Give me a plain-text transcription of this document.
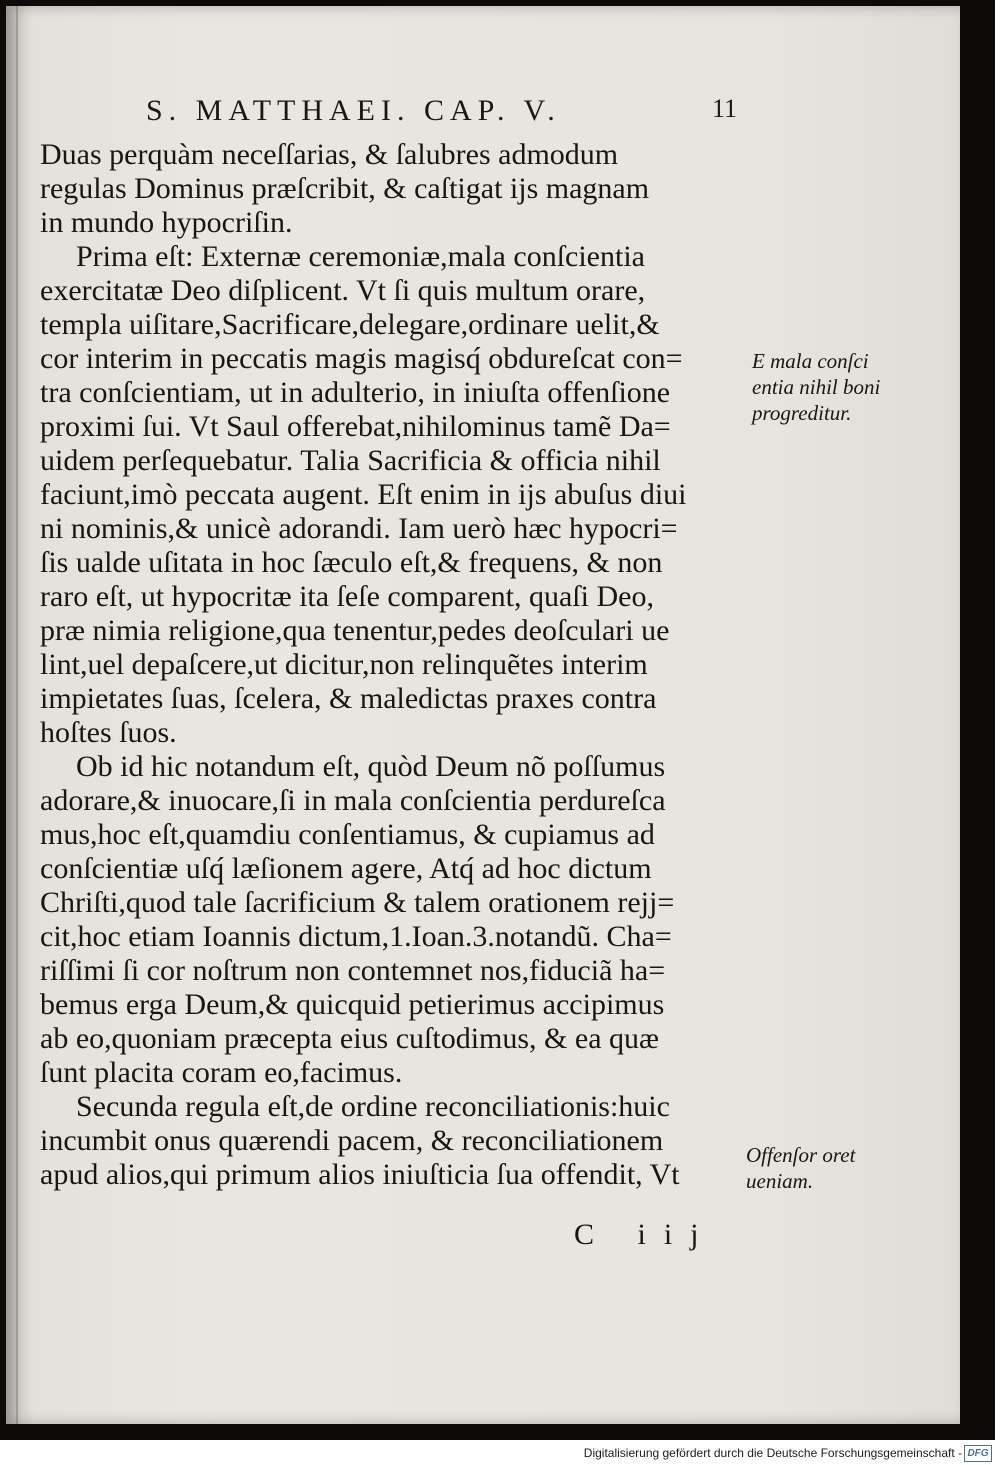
S. MATTHAEI. CAP. V.	11
Duas perquàm neceſſarias, & ſalubres admodum
regulas Dominus præſcribit, & caſtigat ijs magnam
in mundo hypocriſin.
Prima eſt: Externæ ceremoniæ,mala conſcientia
exercitatæ Deo diſplicent. Vt ſi quis multum orare,
templa uiſitare,Sacrificare,delegare,ordinare uelit,&
cor interim in peccatis magis magisq́ obdureſcat con=
tra conſcientiam, ut in adulterio, in iniuſta offenſione
proximi ſui. Vt Saul offerebat,nihilominus tamẽ Da=
uidem perſequebatur. Talia Sacrificia & officia nihil
faciunt,imò peccata augent. Eſt enim in ijs abuſus diui
ni nominis,& unicè adorandi. Iam uerò hæc hypocri=
ſis ualde uſitata in hoc ſæculo eſt,& frequens, & non
raro eſt, ut hypocritæ ita ſeſe comparent, quaſi Deo,
præ nimia religione,qua tenentur,pedes deoſculari ue
lint,uel depaſcere,ut dicitur,non relinquẽtes interim
impietates ſuas, ſcelera, & maledictas praxes contra
hoſtes ſuos.
Ob id hic notandum eſt, quòd Deum nõ poſſumus
adorare,& inuocare,ſi in mala conſcientia perdureſca
mus,hoc eſt,quamdiu conſentiamus, & cupiamus ad
conſcientiæ uſq́ læſionem agere, Atq́ ad hoc dictum
Chriſti,quod tale ſacrificium & talem orationem rejj=
cit,hoc etiam Ioannis dictum,1.Ioan.3.notandũ. Cha=
riſſimi ſi cor noſtrum non contemnet nos,fiduciã ha=
bemus erga Deum,& quicquid petierimus accipimus
ab eo,quoniam præcepta eius cuſtodimus, & ea quæ
ſunt placita coram eo,facimus.
Secunda regula eſt,de ordine reconciliationis:huic
incumbit onus quærendi pacem, & reconciliationem
apud alios,qui primum alios iniuſticia ſua offendit, Vt
E mala conſci
entia nihil boni
progreditur.
Offenſor oret
ueniam.
C iij
Digitalisierung gefördert durch die Deutsche Forschungsgemeinschaft - DFG
